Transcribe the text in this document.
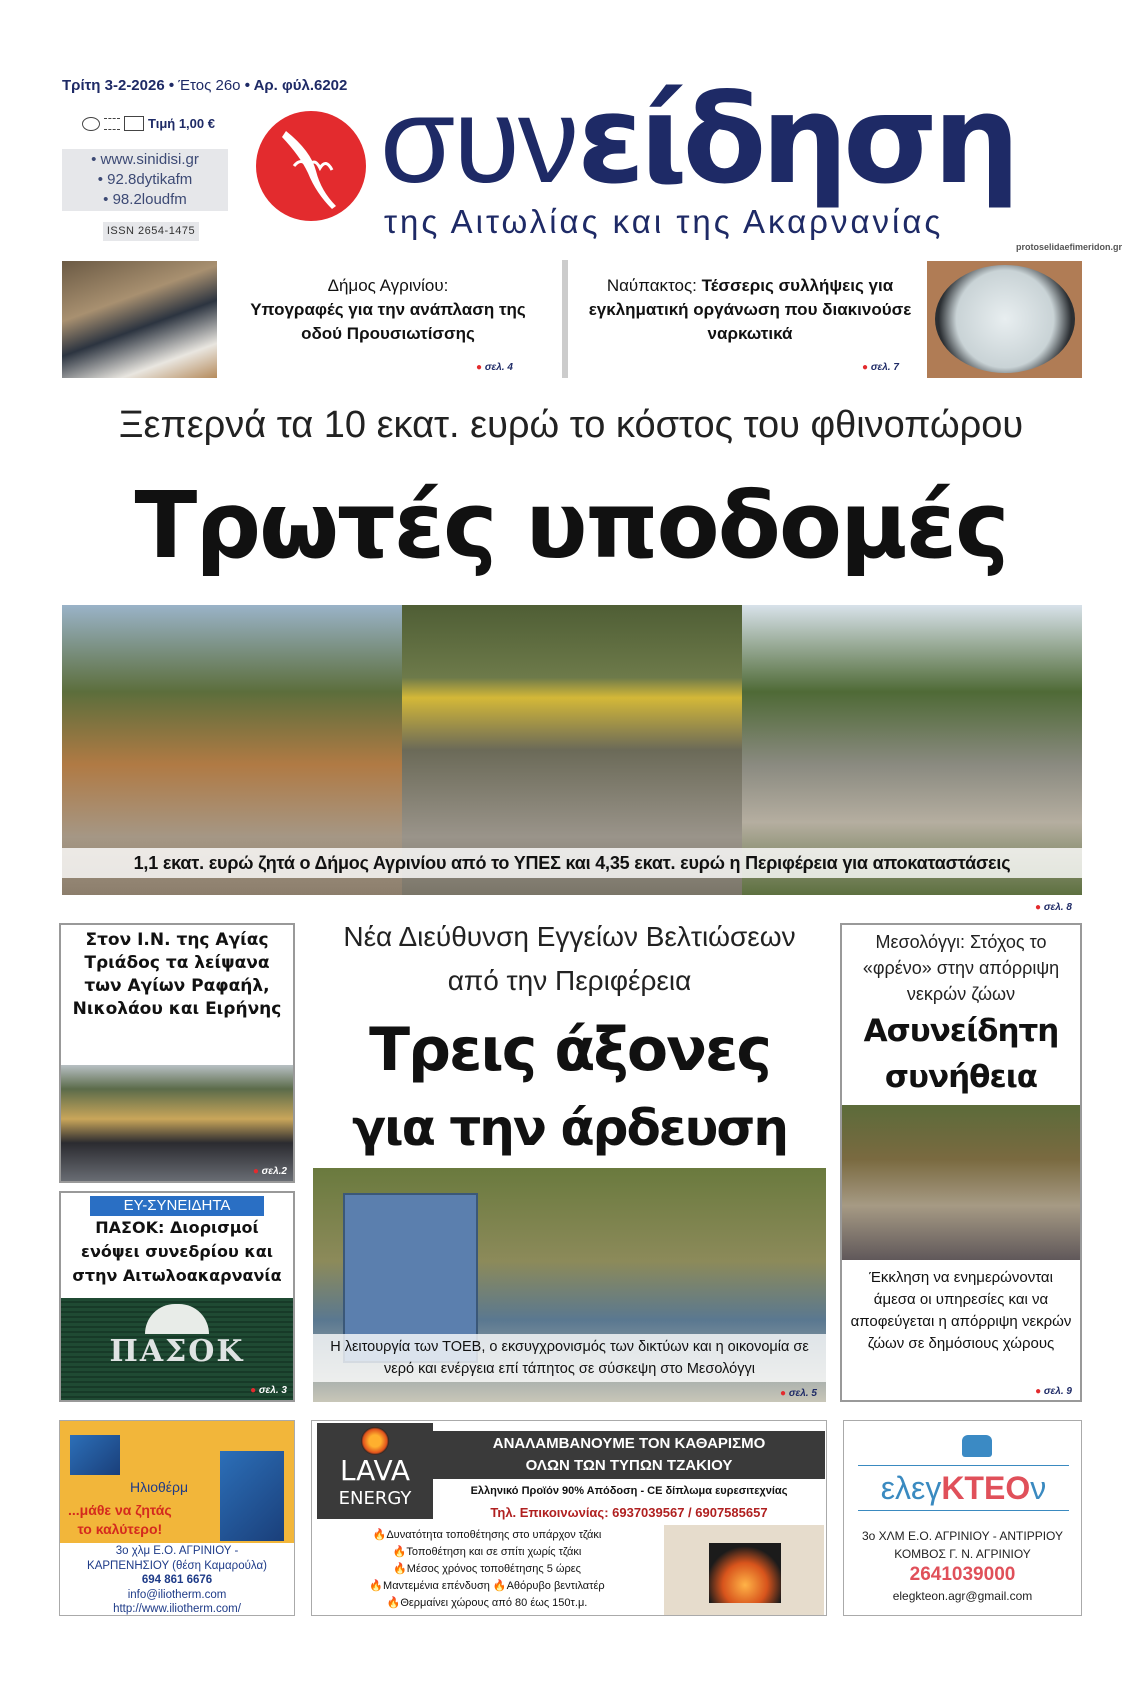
Τρίτη 3-2-2026 • Έτος 26ο • Αρ. φύλ.6202
Τιμή 1,00 €
• www.sinidisi.gr
• 92.8dytikafm
• 98.2loudfm
ISSN 2654-1475
συνείδηση
της Αιτωλίας και της Ακαρνανίας
protoselidaefimeridon.gr
Δήμος Αγρινίου:
Υπογραφές για την ανάπλαση της οδού Προυσιωτίσσης
● σελ. 4
Ναύπακτος: Τέσσερις συλλήψεις για εγκληματική οργάνωση που διακινούσε ναρκωτικά
● σελ. 7
Ξεπερνά τα 10 εκατ. ευρώ το κόστος του φθινοπώρου
Τρωτές υποδομές
1,1 εκατ. ευρώ ζητά ο Δήμος Αγρινίου από το ΥΠΕΣ και 4,35 εκατ. ευρώ η Περιφέρεια για αποκαταστάσεις
● σελ. 8
Στον Ι.Ν. της Αγίας Τριάδος τα λείψανα των Αγίων Ραφαήλ, Νικολάου και Ειρήνης
● σελ.2
ΕΥ-ΣΥΝΕΙΔΗΤΑ
ΠΑΣΟΚ: Διορισμοί ενόψει συνεδρίου και στην Αιτωλοακαρνανία
ΠΑΣΟΚ
● σελ. 3
Νέα Διεύθυνση Εγγείων Βελτιώσεων
από την Περιφέρεια
Τρεις άξονες
για την άρδευση
Η λειτουργία των ΤΟΕΒ, ο εκσυγχρονισμός των δικτύων και η οικονομία σε νερό και ενέργεια επί τάπητος σε σύσκεψη στο Μεσολόγγι
● σελ. 5
Μεσολόγγι: Στόχος το «φρένο» στην απόρριψη νεκρών ζώων
Ασυνείδητη
συνήθεια
Έκκληση να ενημερώνονται άμεσα οι υπηρεσίες και να αποφεύγεται η απόρριψη νεκρών ζώων σε δημόσιους χώρους
● σελ. 9
Ηλιοθέρμ
...μάθε να ζητάς
το καλύτερο!
3ο χλμ Ε.Ο. ΑΓΡΙΝΙΟΥ -
ΚΑΡΠΕΝΗΣΙΟΥ (θέση Καμαρούλα)
694 861 6676
info@iliotherm.com
http://www.iliotherm.com/
LAVA
ENERGY
ΑΝΑΛΑΜΒΑΝΟΥΜΕ ΤΟΝ ΚΑΘΑΡΙΣΜΟ
ΟΛΩΝ ΤΩΝ ΤΥΠΩΝ ΤΖΑΚΙΟΥ
Ελληνικό Προϊόν 90% Απόδοση - CE δίπλωμα ευρεσιτεχνίας
Τηλ. Επικοινωνίας: 6937039567 / 6907585657
🔥Δυνατότητα τοποθέτησης στο υπάρχον τζάκι
🔥Τοποθέτηση και σε σπίτι χωρίς τζάκι
🔥Μέσος χρόνος τοποθέτησης 5 ώρες
🔥Μαντεμένια επένδυση 🔥Αθόρυβο βεντιλατέρ
🔥Θερμαίνει χώρους από 80 έως 150τ.μ.
ελεγΚΤΕΟν
3ο ΧΛΜ Ε.Ο. ΑΓΡΙΝΙΟΥ - ΑΝΤΙΡΡΙΟΥ
ΚΟΜΒΟΣ Γ. Ν. ΑΓΡΙΝΙΟΥ
2641039000
elegkteon.agr@gmail.com
